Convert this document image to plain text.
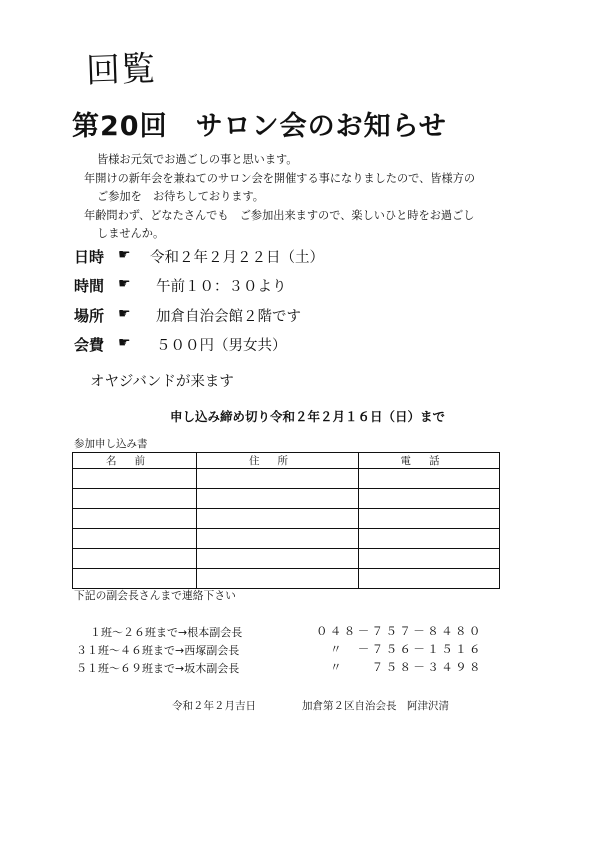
回覧
第20回　サロン会のお知らせ
皆様お元気でお過ごしの事と思います。
年開けの新年会を兼ねてのサロン会を開催する事になりましたので、皆様方の
ご参加を　お待ちしております。
年齢問わず、どなたさんでも　ご参加出来ますので、楽しいひと時をお過ごし
しませんか。
日時 ☛ 令和２年２月２２日（土）
時間 ☛ 午前１０：３０より
場所 ☛ 加倉自治会館２階です
会費 ☛ ５００円（男女共）
オヤジバンドが来ます
申し込み締め切り令和２年２月１６日（日）まで
参加申し込み書
名前	住所	電話

下記の副会長さんまで連絡下さい
１班～２６班まで→根本副会長	０４８－７５７－８４８０
３１班～４６班まで→西塚副会長	〃　－７５６－１５１６
５１班～６９班まで→坂木副会長	〃　　７５８－３４９８
令和２年２月吉日	加倉第２区自治会長　阿津沢清
